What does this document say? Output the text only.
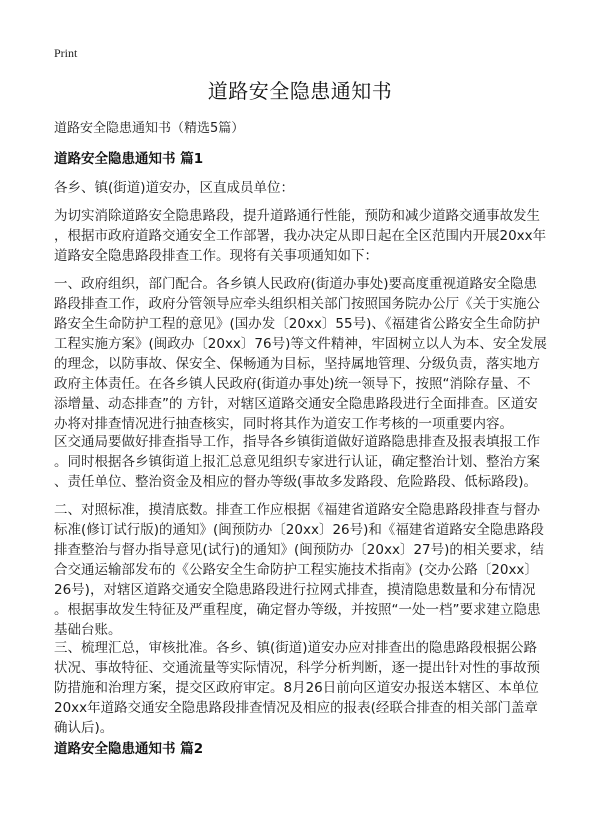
Print
道路安全隐患通知书
道路安全隐患通知书（精选5篇）
道路安全隐患通知书 篇1
各乡、镇(街道)道安办，区直成员单位：
为切实消除道路安全隐患路段，提升道路通行性能，预防和减少道路交通事故发生
，根据市政府道路交通安全工作部署，我办决定从即日起在全区范围内开展20xx年
道路安全隐患路段排查工作。现将有关事项通知如下：
一、政府组织，部门配合。各乡镇人民政府(街道办事处)要高度重视道路安全隐患
路段排查工作，政府分管领导应牵头组织相关部门按照国务院办公厅《关于实施公
路安全生命防护工程的意见》(国办发〔20xx〕55号)、《福建省公路安全生命防护
工程实施方案》(闽政办〔20xx〕76号)等文件精神，牢固树立以人为本、安全发展
的理念，以防事故、保安全、保畅通为目标，坚持属地管理、分级负责，落实地方
政府主体责任。在各乡镇人民政府(街道办事处)统一领导下，按照“消除存量、不
添增量、动态排查”的 方针，对辖区道路交通安全隐患路段进行全面排查。区道安
办将对排查情况进行抽查核实，同时将其作为道安工作考核的一项重要内容。
区交通局要做好排查指导工作，指导各乡镇街道做好道路隐患排查及报表填报工作
。同时根据各乡镇街道上报汇总意见组织专家进行认证，确定整治计划、整治方案
、责任单位、整治资金及相应的督办等级(事故多发路段、危险路段、低标路段)。
二、对照标准，摸清底数。排查工作应根据《福建省道路安全隐患路段排查与督办
标准(修订试行版)的通知》(闽预防办〔20xx〕26号)和《福建省道路安全隐患路段
排查整治与督办指导意见(试行)的通知》(闽预防办〔20xx〕27号)的相关要求，结
合交通运输部发布的《公路安全生命防护工程实施技术指南》(交办公路〔20xx〕
26号)，对辖区道路交通安全隐患路段进行拉网式排查，摸清隐患数量和分布情况
。根据事故发生特征及严重程度，确定督办等级，并按照“一处一档”要求建立隐患
基础台账。
三、梳理汇总，审核批准。各乡、镇(街道)道安办应对排查出的隐患路段根据公路
状况、事故特征、交通流量等实际情况，科学分析判断，逐一提出针对性的事故预
防措施和治理方案，提交区政府审定。8月26日前向区道安办报送本辖区、本单位
20xx年道路交通安全隐患路段排查情况及相应的报表(经联合排查的相关部门盖章
确认后)。
道路安全隐患通知书 篇2
